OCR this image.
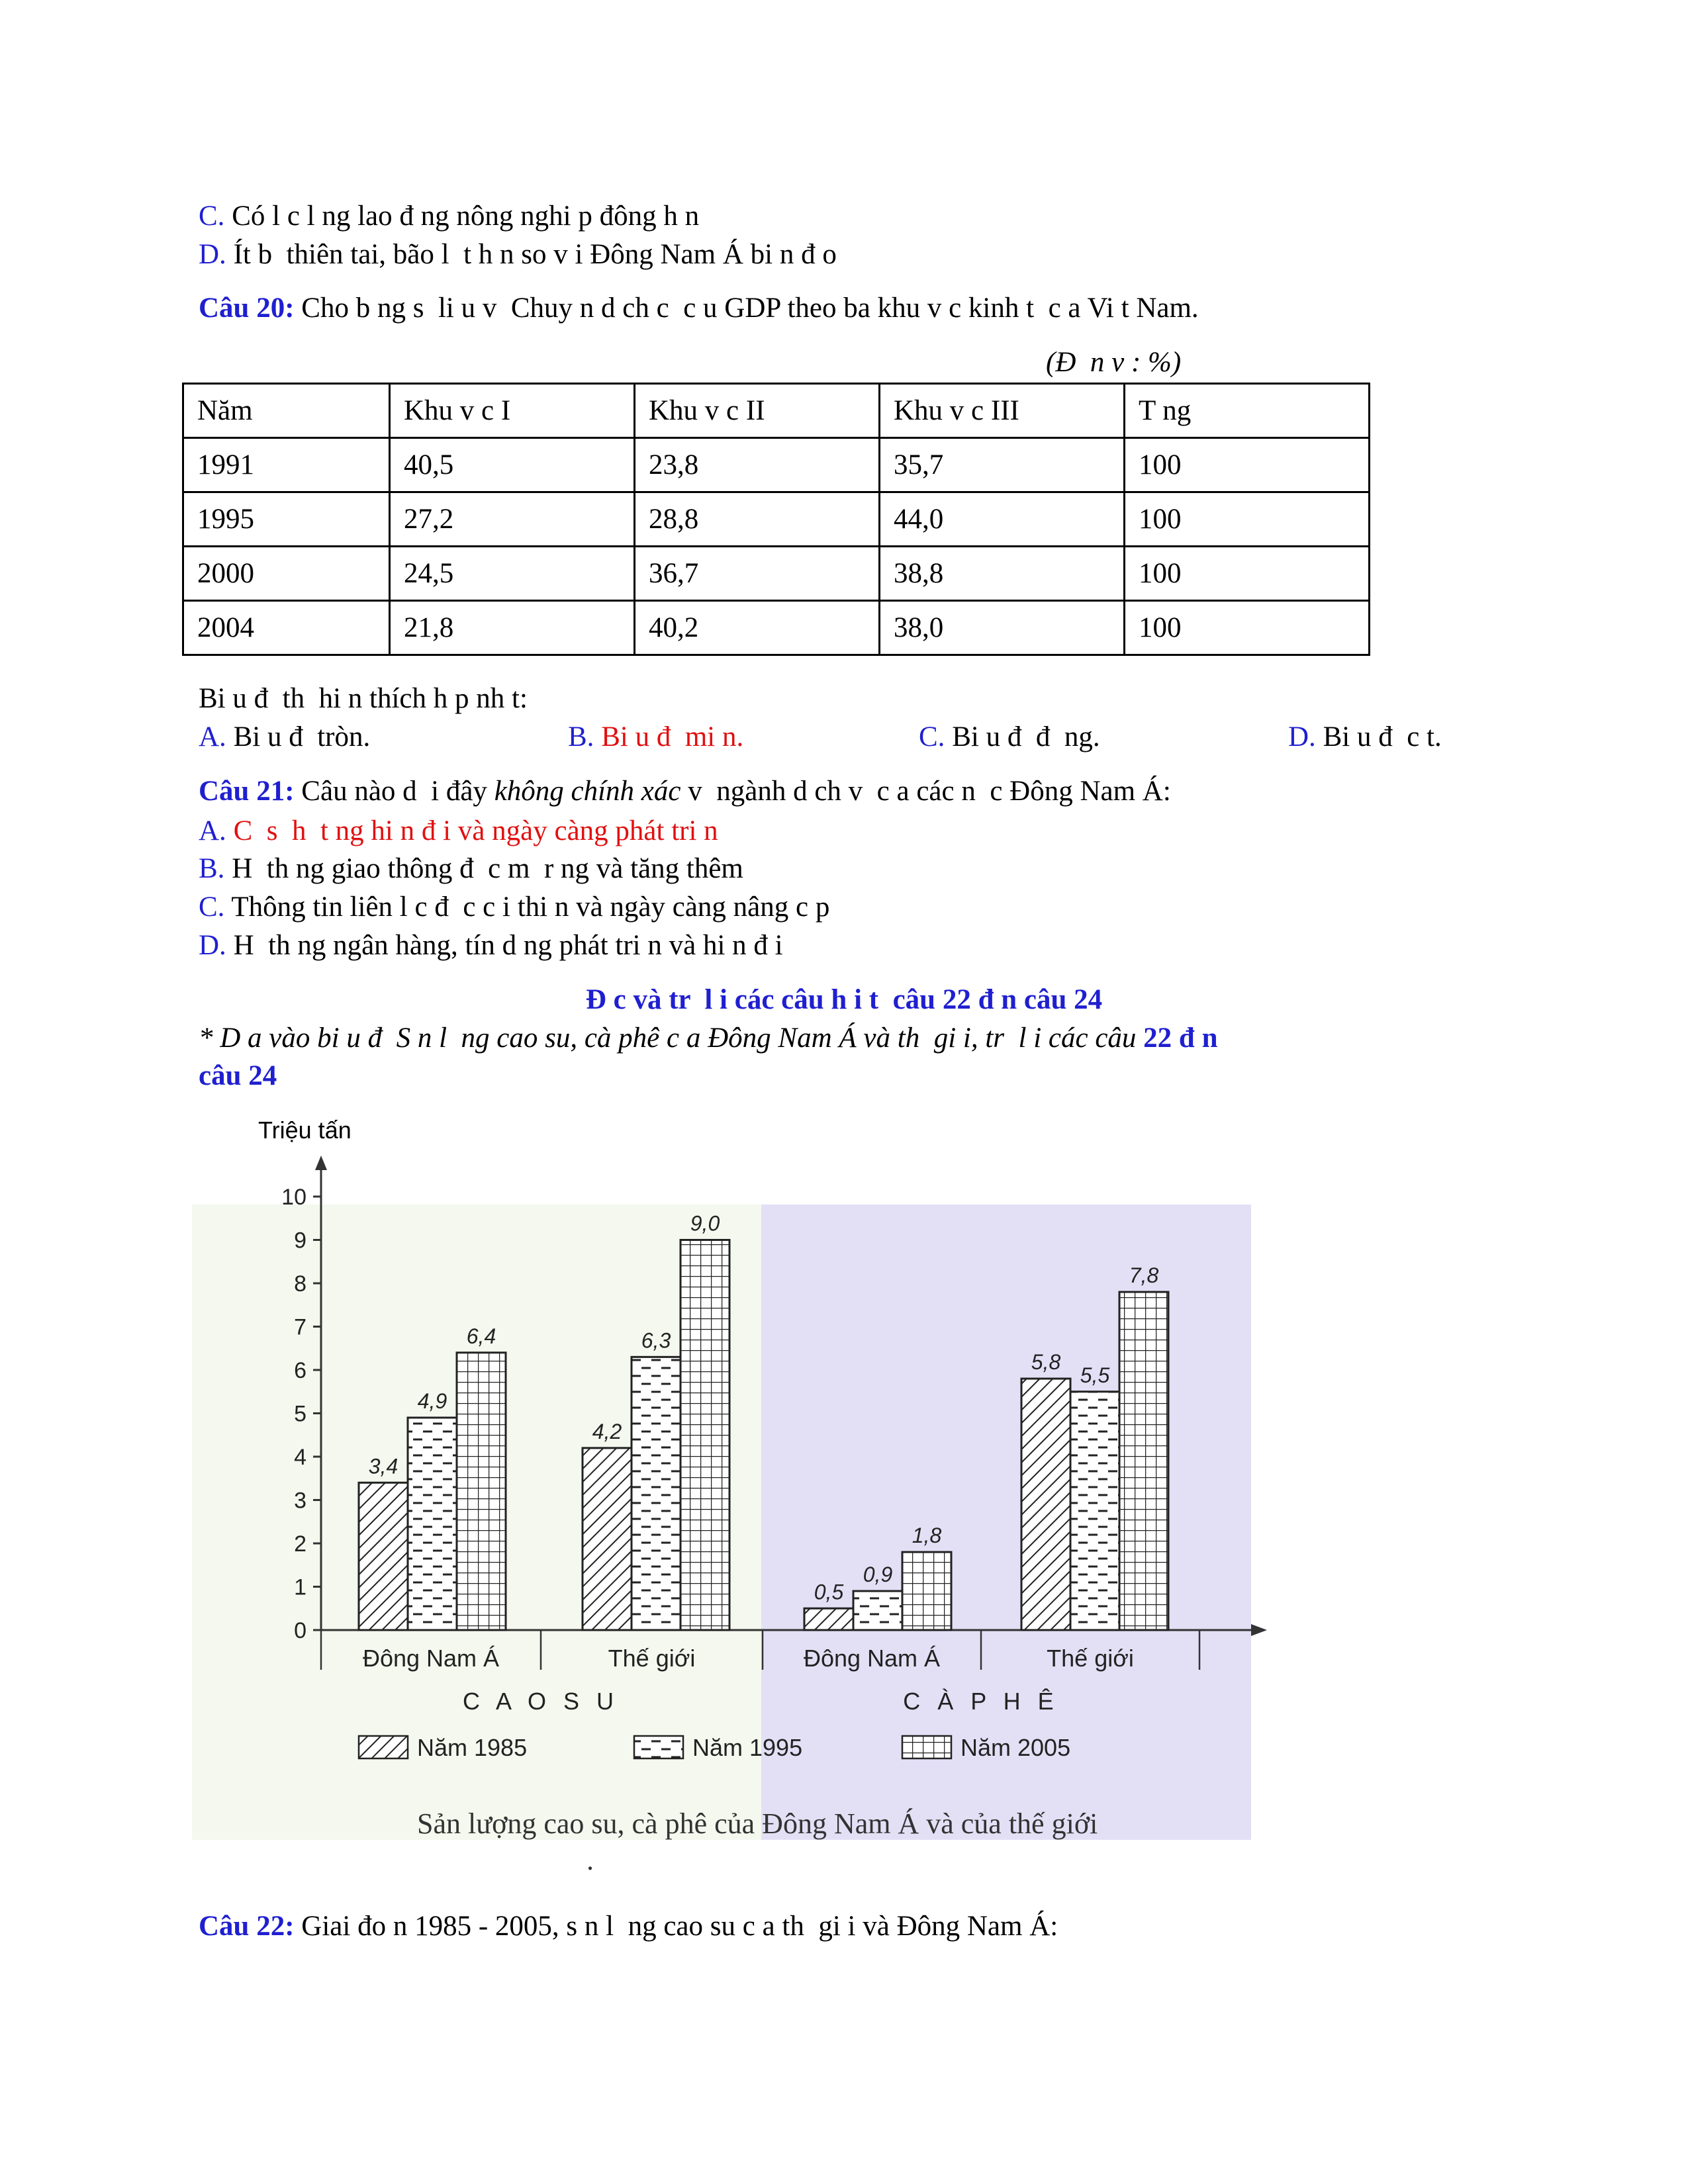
C. Có l c l ng lao đ ng nông nghi p đông h n
D. Ít b  thiên tai, bão l  t h n so v i Đông Nam Á bi n đ o
Câu 20: Cho b ng s  li u v  Chuy n d ch c  c u GDP theo ba khu v c kinh t  c a Vi t Nam.
(Đ  n v : %)
Năm	Khu v c I	Khu v c II	Khu v c III	T ng
1991	40,5	23,8	35,7	100
1995	27,2	28,8	44,0	100
2000	24,5	36,7	38,8	100
2004	21,8	40,2	38,0	100
Bi u đ  th  hi n thích h p nh t:
A. Bi u đ  tròn.	B. Bi u đ  mi n.	C. Bi u đ  đ  ng.	D. Bi u đ  c t.
Câu 21: Câu nào d  i đây không chính xác v  ngành d ch v  c a các n  c Đông Nam Á:
A. C  s  h  t ng hi n đ i và ngày càng phát tri n
B. H  th ng giao thông đ  c m  r ng và tăng thêm
C. Thông tin liên l c đ  c c i thi n và ngày càng nâng c p
D. H  th ng ngân hàng, tín d ng phát tri n và hi n đ i
Đ c và tr  l i các câu h i t  câu 22 đ n câu 24
* D a vào bi u đ  S n l  ng cao su, cà phê c a Đông Nam Á và th  gi i, tr  l i các câu 22 đ n
câu 24
0
1
2
3
4
5
6
7
8
9
10
3,4
4,9
6,4
Đông Nam Á
4,2
6,3
9,0
Thế giới
0,5
0,9
1,8
Đông Nam Á
5,8
5,5
7,8
Thế giới
C A O S U	C À P H Ê
Năm 1985	Năm 1995	Năm 2005
Triệu tấn
Sản lượng cao su, cà phê của Đông Nam Á và của thế giới
.
Câu 22: Giai đo n 1985 - 2005, s n l  ng cao su c a th  gi i và Đông Nam Á:
